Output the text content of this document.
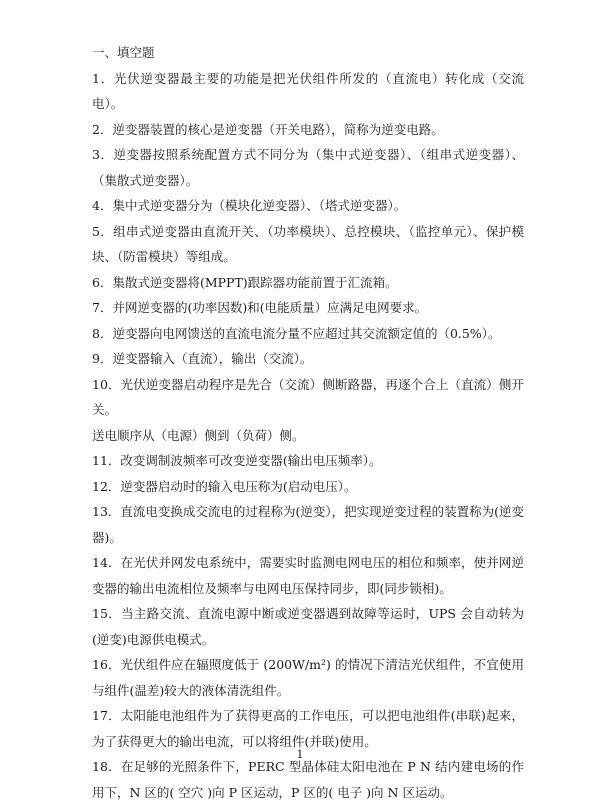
一、填空题

1．光伏逆变器最主要的功能是把光伏组件所发的（直流电）转化成（交流电）。

2．逆变器装置的核心是逆变器（开关电路），简称为逆变电路。

3．逆变器按照系统配置方式不同分为（集中式逆变器）、（组串式逆变器）、（集散式逆变器）。

4．集中式逆变器分为（模块化逆变器）、（塔式逆变器）。

5．组串式逆变器由直流开关、（功率模块）、总控模块、（监控单元）、保护模块、（防雷模块）等组成。

6．集散式逆变器将(MPPT)跟踪器功能前置于汇流箱。

7．并网逆变器的(功率因数)和(电能质量）应满足电网要求。

8．逆变器向电网馈送的直流电流分量不应超过其交流额定值的（0.5%）。

9．逆变器输入（直流），输出（交流）。

10．光伏逆变器启动程序是先合（交流）侧断路器，再逐个合上（直流）侧开关。

送电顺序从（电源）侧到（负荷）侧。

11．改变调制波频率可改变逆变器(输出电压频率）。

12．逆变器启动时的输入电压称为(启动电压）。

13．直流电变换成交流电的过程称为(逆变），把实现逆变过程的装置称为(逆变器)。

14．在光伏并网发电系统中，需要实时监测电网电压的相位和频率，使并网逆变器的输出电流相位及频率与电网电压保持同步，即(同步锁相)。

15．当主路交流、直流电源中断或逆变器遇到故障等运时，UPS 会自动转为(逆变)电源供电模式。

16．光伏组件应在辐照度低于 (200W/m²) 的情况下清洁光伏组件，不宜使用与组件(温差)较大的液体清洗组件。

17．太阳能电池组件为了获得更高的工作电压，可以把电池组件(串联)起来，为了获得更大的输出电流，可以将组件(并联)使用。

18．在足够的光照条件下，PERC 型晶体硅太阳电池在 P N 结内建电场的作用下，N 区的( 空穴 )向 P 区运动，P 区的( 电子 )向 N 区运动。

1
